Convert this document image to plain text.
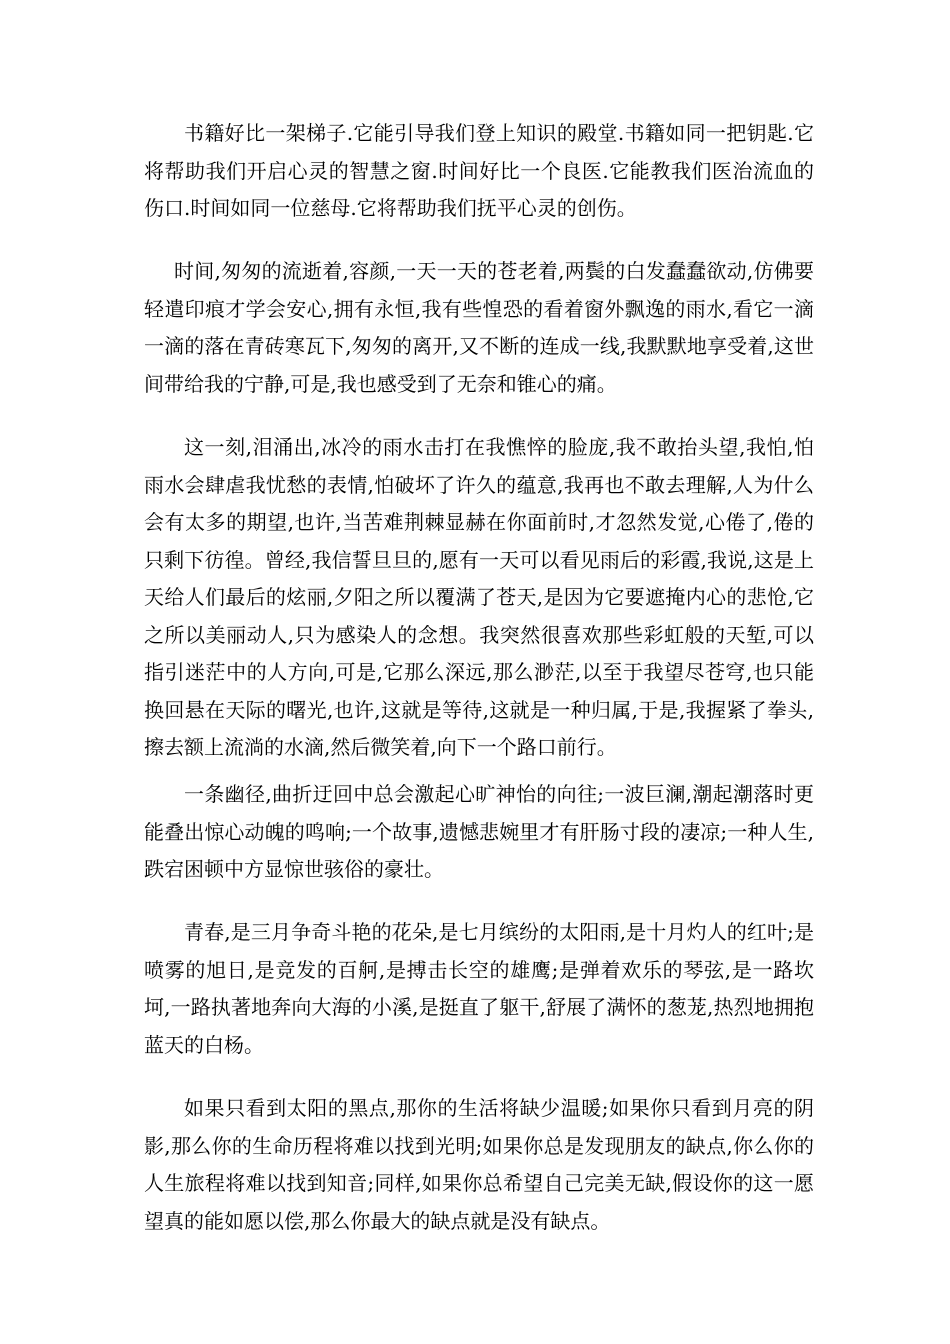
书籍好比一架梯子.它能引导我们登上知识的殿堂.书籍如同一把钥匙.它将帮助我们开启心灵的智慧之窗.时间好比一个良医.它能教我们医治流血的伤口.时间如同一位慈母.它将帮助我们抚平心灵的创伤。

时间,匆匆的流逝着,容颜,一天一天的苍老着,两鬓的白发蠢蠢欲动,仿佛要轻遣印痕才学会安心,拥有永恒,我有些惶恐的看着窗外飘逸的雨水,看它一滴一滴的落在青砖寒瓦下,匆匆的离开,又不断的连成一线,我默默地享受着,这世间带给我的宁静,可是,我也感受到了无奈和锥心的痛。

这一刻,泪涌出,冰冷的雨水击打在我憔悴的脸庞,我不敢抬头望,我怕,怕雨水会肆虐我忧愁的表情,怕破坏了许久的蕴意,我再也不敢去理解,人为什么会有太多的期望,也许,当苦难荆棘显赫在你面前时,才忽然发觉,心倦了,倦的只剩下彷徨。曾经,我信誓旦旦的,愿有一天可以看见雨后的彩霞,我说,这是上天给人们最后的炫丽,夕阳之所以覆满了苍天,是因为它要遮掩内心的悲怆,它之所以美丽动人,只为感染人的念想。我突然很喜欢那些彩虹般的天堑,可以指引迷茫中的人方向,可是,它那么深远,那么渺茫,以至于我望尽苍穹,也只能换回悬在天际的曙光,也许,这就是等待,这就是一种归属,于是,我握紧了拳头,擦去额上流淌的水滴,然后微笑着,向下一个路口前行。

一条幽径,曲折迂回中总会激起心旷神怡的向往;一波巨澜,潮起潮落时更能叠出惊心动魄的鸣响;一个故事,遗憾悲婉里才有肝肠寸段的凄凉;一种人生,跌宕困顿中方显惊世骇俗的豪壮。

青春,是三月争奇斗艳的花朵,是七月缤纷的太阳雨,是十月灼人的红叶;是喷雾的旭日,是竞发的百舸,是搏击长空的雄鹰;是弹着欢乐的琴弦,是一路坎坷,一路执著地奔向大海的小溪,是挺直了躯干,舒展了满怀的葱茏,热烈地拥抱蓝天的白杨。

如果只看到太阳的黑点,那你的生活将缺少温暖;如果你只看到月亮的阴影,那么你的生命历程将难以找到光明;如果你总是发现朋友的缺点,你么你的人生旅程将难以找到知音;同样,如果你总希望自己完美无缺,假设你的这一愿望真的能如愿以偿,那么你最大的缺点就是没有缺点。
